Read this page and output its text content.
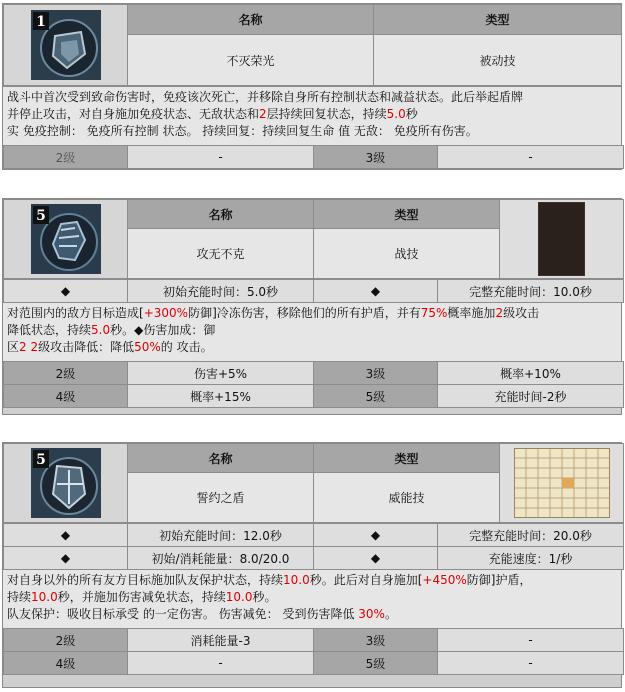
1	名称	类型
	不灭荣光	被动技
战斗中首次受到致命伤害时，免疫该次死亡，并移除自身所有控制状态和减益状态。此后举起盾牌
并停止攻击，对自身施加免疫状态、无敌状态和2层持续回复状态，持续5.0秒
实 免疫控制： 免疫所有控制 状态。 持续回复：持续回复生命 值 无敌： 免疫所有伤害。
2级	-	3级	-
5	名称	类型	

	攻无不克	战技	
◆	初始充能时间：5.0秒	◆	完整充能时间：10.0秒
对范围内的敌方目标造成[+300%防御]冷冻伤害，移除他们的所有护盾，并有75%概率施加2级攻击
降低状态，持续5.0秒。◆伤害加成：御
区2 2级攻击降低：降低50%的 攻击。
2级	伤害+5%	3级	概率+10%
4级	概率+15%	5级	充能时间-2秒
5	名称	类型	

	誓约之盾	威能技	
◆	初始充能时间：12.0秒	◆	完整充能时间：20.0秒
◆	初始/消耗能量：8.0/20.0	◆	充能速度：1/秒
对自身以外的所有友方目标施加队友保护状态，持续10.0秒。此后对自身施加[+450%防御]护盾，
持续10.0秒，并施加伤害减免状态，持续10.0秒。
队友保护：吸收目标承受 的一定伤害。 伤害减免： 受到伤害降低 30%。
2级	消耗能量-3	3级	-
4级	-	5级	-
